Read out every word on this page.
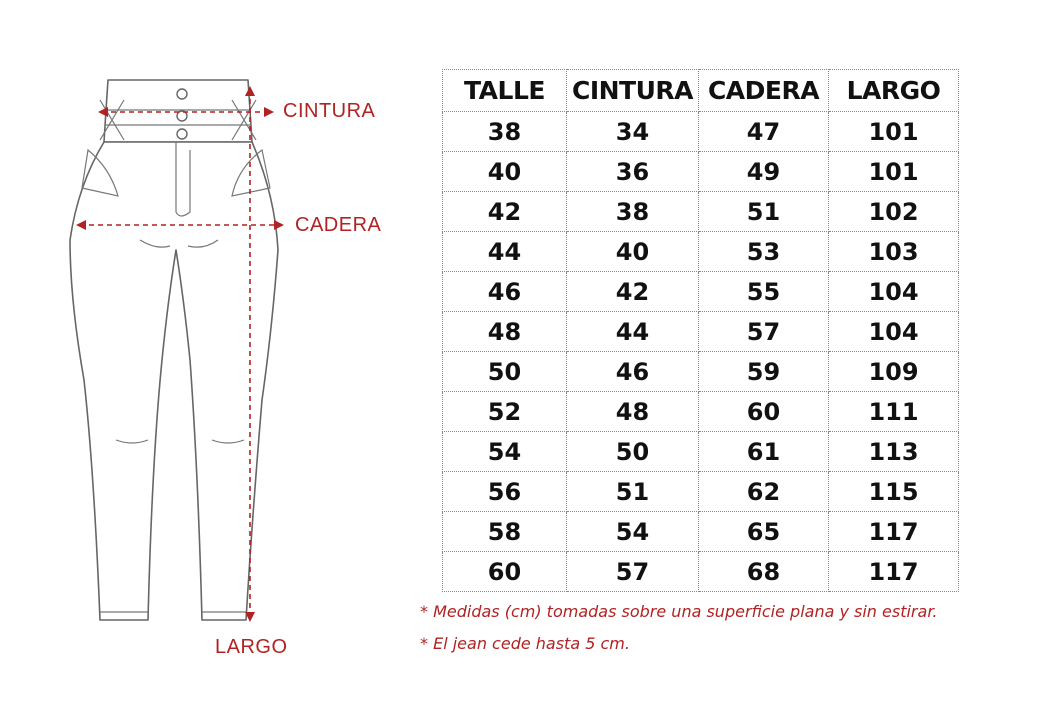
CINTURA
CADERA
LARGO
TALLE	CINTURA	CADERA	LARGO
38	34	47	101
40	36	49	101
42	38	51	102
44	40	53	103
46	42	55	104
48	44	57	104
50	46	59	109
52	48	60	111
54	50	61	113
56	51	62	115
58	54	65	117
60	57	68	117
* Medidas (cm) tomadas sobre una superficie plana y sin estirar.
* El jean cede hasta 5 cm.
